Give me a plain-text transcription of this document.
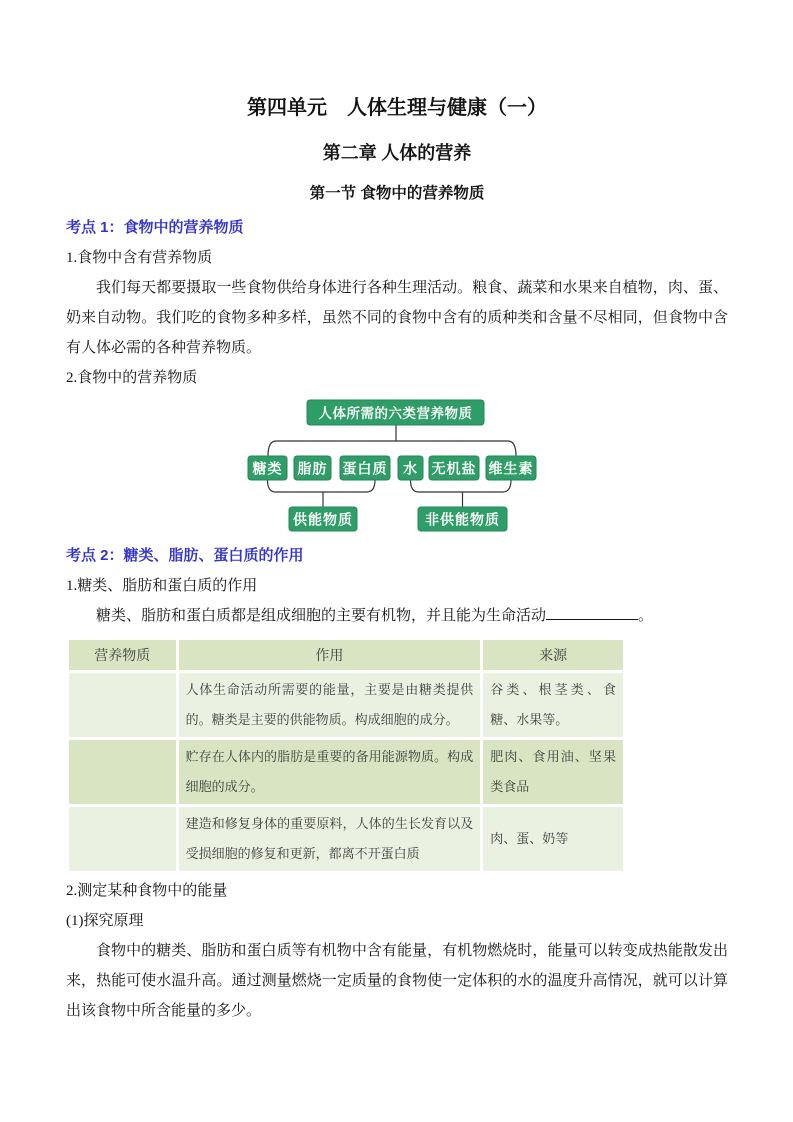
第四单元　人体生理与健康（一）
第二章 人体的营养
第一节 食物中的营养物质

考点 1：食物中的营养物质

1.食物中含有营养物质

我们每天都要摄取一些食物供给身体进行各种生理活动。粮食、蔬菜和水果来自植物，肉、蛋、奶来自动物。我们吃的食物多种多样，虽然不同的食物中含有的质种类和含量不尽相同，但食物中含有人体必需的各种营养物质。

2.食物中的营养物质

人体所需的六类营养物质
糖类 脂肪 蛋白质 水 无机盐 维生素
供能物质	非供能物质

考点 2：糖类、脂肪、蛋白质的作用

1.糖类、脂肪和蛋白质的作用

糖类、脂肪和蛋白质都是组成细胞的主要有机物，并且能为生命活动	。

营养物质	作用	来源
	人体生命活动所需要的能量，主要是由糖类提供的。糖类是主要的供能物质。构成细胞的成分。	谷类、根茎类、食糖、水果等。
	贮存在人体内的脂肪是重要的备用能源物质。构成细胞的成分。	肥肉、食用油、坚果类食品
	建造和修复身体的重要原料，人体的生长发育以及受损细胞的修复和更新，都离不开蛋白质	肉、蛋、奶等

2.测定某种食物中的能量

(1)探究原理

食物中的糖类、脂肪和蛋白质等有机物中含有能量，有机物燃烧时，能量可以转变成热能散发出来，热能可使水温升高。通过测量燃烧一定质量的食物使一定体积的水的温度升高情况，就可以计算出该食物中所含能量的多少。
